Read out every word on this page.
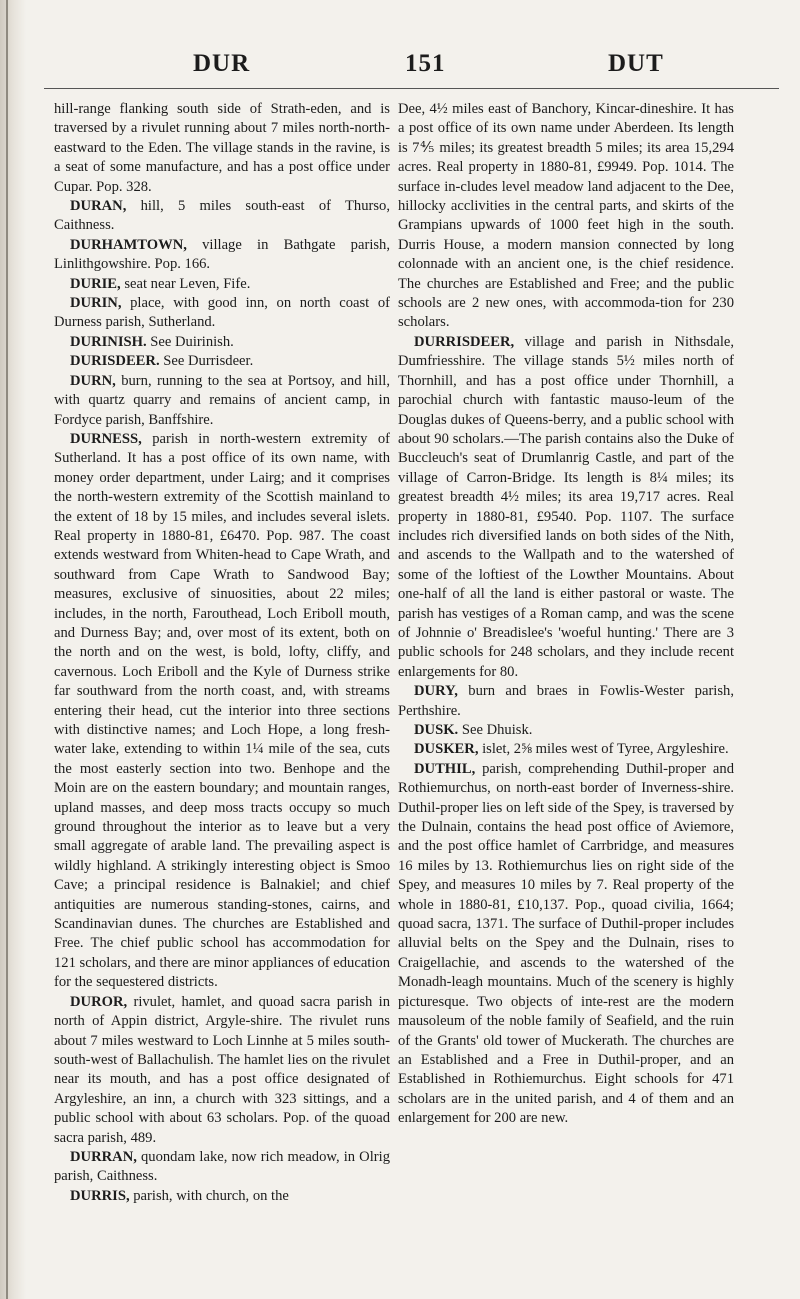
DUR	151	DUT

hill-range flanking south side of Strath-eden, and is traversed by a rivulet running about 7 miles north-north-eastward to the Eden. The village stands in the ravine, is a seat of some manufacture, and has a post office under Cupar. Pop. 328.

DURAN, hill, 5 miles south-east of Thurso, Caithness.

DURHAMTOWN, village in Bathgate parish, Linlithgowshire. Pop. 166.

DURIE, seat near Leven, Fife.

DURIN, place, with good inn, on north coast of Durness parish, Sutherland.

DURINISH. See Duirinish.

DURISDEER. See Durrisdeer.

DURN, burn, running to the sea at Portsoy, and hill, with quartz quarry and remains of ancient camp, in Fordyce parish, Banffshire.

DURNESS, parish in north-western extremity of Sutherland. It has a post office of its own name, with money order department, under Lairg; and it comprises the north-western extremity of the Scottish mainland to the extent of 18 by 15 miles, and includes several islets. Real property in 1880-81, £6470. Pop. 987. The coast extends westward from Whiten-head to Cape Wrath, and southward from Cape Wrath to Sandwood Bay; measures, exclusive of sinuosities, about 22 miles; includes, in the north, Farouthead, Loch Eriboll mouth, and Durness Bay; and, over most of its extent, both on the north and on the west, is bold, lofty, cliffy, and cavernous. Loch Eriboll and the Kyle of Durness strike far southward from the north coast, and, with streams entering their head, cut the interior into three sections with distinctive names; and Loch Hope, a long fresh-water lake, extending to within 1¼ mile of the sea, cuts the most easterly section into two. Benhope and the Moin are on the eastern boundary; and mountain ranges, upland masses, and deep moss tracts occupy so much ground throughout the interior as to leave but a very small aggregate of arable land. The prevailing aspect is wildly highland. A strikingly interesting object is Smoo Cave; a principal residence is Balnakiel; and chief antiquities are numerous standing-stones, cairns, and Scandinavian dunes. The churches are Established and Free. The chief public school has accommodation for 121 scholars, and there are minor appliances of education for the sequestered districts.

DUROR, rivulet, hamlet, and quoad sacra parish in north of Appin district, Argyle-shire. The rivulet runs about 7 miles westward to Loch Linnhe at 5 miles south-south-west of Ballachulish. The hamlet lies on the rivulet near its mouth, and has a post office designated of Argyleshire, an inn, a church with 323 sittings, and a public school with about 63 scholars. Pop. of the quoad sacra parish, 489.

DURRAN, quondam lake, now rich meadow, in Olrig parish, Caithness.

DURRIS, parish, with church, on the

Dee, 4½ miles east of Banchory, Kincar-dineshire. It has a post office of its own name under Aberdeen. Its length is 7⅘ miles; its greatest breadth 5 miles; its area 15,294 acres. Real property in 1880-81, £9949. Pop. 1014. The surface in-cludes level meadow land adjacent to the Dee, hillocky acclivities in the central parts, and skirts of the Grampians upwards of 1000 feet high in the south. Durris House, a modern mansion connected by long colonnade with an ancient one, is the chief residence. The churches are Established and Free; and the public schools are 2 new ones, with accommoda-tion for 230 scholars.

DURRISDEER, village and parish in Nithsdale, Dumfriesshire. The village stands 5½ miles north of Thornhill, and has a post office under Thornhill, a parochial church with fantastic mauso-leum of the Douglas dukes of Queens-berry, and a public school with about 90 scholars.—The parish contains also the Duke of Buccleuch's seat of Drumlanrig Castle, and part of the village of Carron-Bridge. Its length is 8¼ miles; its greatest breadth 4½ miles; its area 19,717 acres. Real property in 1880-81, £9540. Pop. 1107. The surface includes rich diversified lands on both sides of the Nith, and ascends to the Wallpath and to the watershed of some of the loftiest of the Lowther Mountains. About one-half of all the land is either pastoral or waste. The parish has vestiges of a Roman camp, and was the scene of Johnnie o' Breadislee's 'woeful hunting.' There are 3 public schools for 248 scholars, and they include recent enlargements for 80.

DURY, burn and braes in Fowlis-Wester parish, Perthshire.

DUSK. See Dhuisk.

DUSKER, islet, 2⅝ miles west of Tyree, Argyleshire.

DUTHIL, parish, comprehending Duthil-proper and Rothiemurchus, on north-east border of Inverness-shire. Duthil-proper lies on left side of the Spey, is traversed by the Dulnain, contains the head post office of Aviemore, and the post office hamlet of Carrbridge, and measures 16 miles by 13. Rothiemurchus lies on right side of the Spey, and measures 10 miles by 7. Real property of the whole in 1880-81, £10,137. Pop., quoad civilia, 1664; quoad sacra, 1371. The surface of Duthil-proper includes alluvial belts on the Spey and the Dulnain, rises to Craigellachie, and ascends to the watershed of the Monadh-leagh mountains. Much of the scenery is highly picturesque. Two objects of inte-rest are the modern mausoleum of the noble family of Seafield, and the ruin of the Grants' old tower of Muckerath. The churches are an Established and a Free in Duthil-proper, and an Established in Rothiemurchus. Eight schools for 471 scholars are in the united parish, and 4 of them and an enlargement for 200 are new.
